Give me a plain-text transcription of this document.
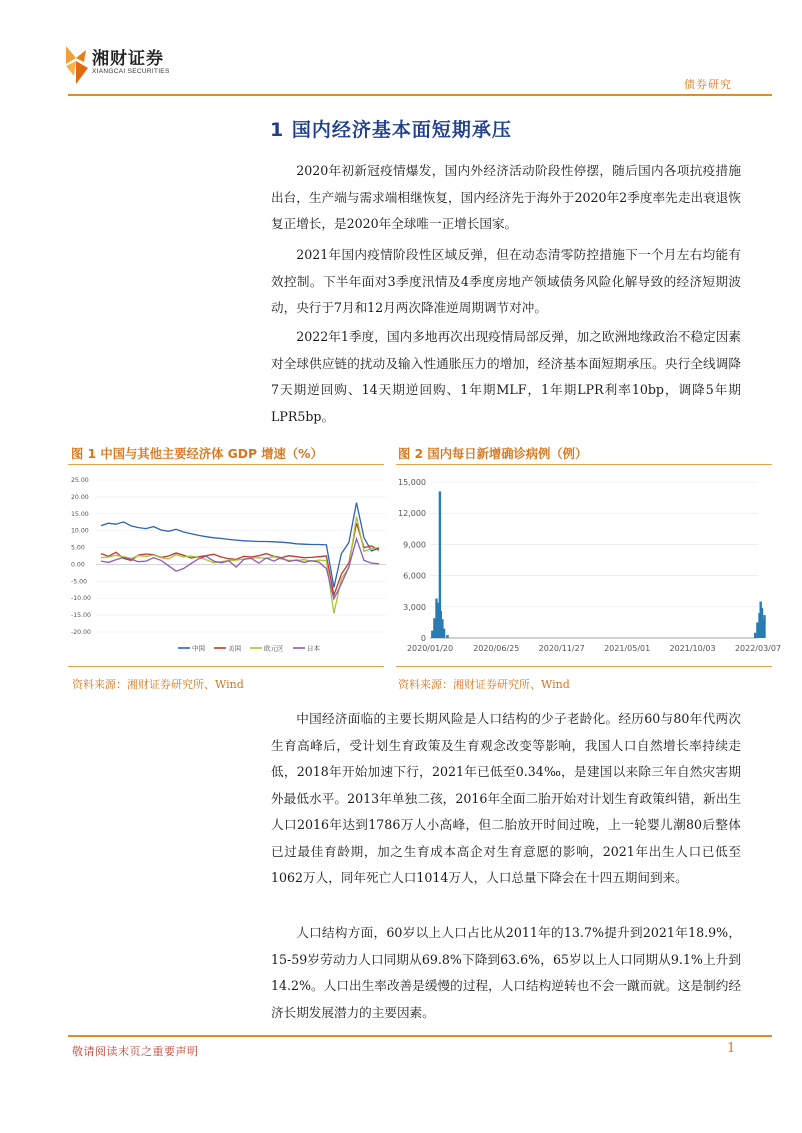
湘财证券
XIANGCAI SECURITIES
债券研究
1 国内经济基本面短期承压

2020年初新冠疫情爆发，国内外经济活动阶段性停摆，随后国内各项抗疫措施出台，生产端与需求端相继恢复，国内经济先于海外于2020年2季度率先走出衰退恢复正增长，是2020年全球唯一正增长国家。

2021年国内疫情阶段性区域反弹，但在动态清零防控措施下一个月左右均能有效控制。下半年面对3季度汛情及4季度房地产领域债务风险化解导致的经济短期波动，央行于7月和12月两次降准逆周期调节对冲。

2022年1季度，国内多地再次出现疫情局部反弹，加之欧洲地缘政治不稳定因素对全球供应链的扰动及输入性通胀压力的增加，经济基本面短期承压。央行全线调降7天期逆回购、14天期逆回购、1年期MLF，1年期LPR利率10bp，调降5年期LPR5bp。

图 1 中国与其他主要经济体 GDP 增速（%）
25.00
20.00
15.00
10.00
5.00
0.00
-5.00
-10.00
-15.00
-20.00
中国	美国	欧元区	日本
资料来源：湘财证券研究所、Wind
图 2 国内每日新增确诊病例（例）
15,000
12,000
9,000
6,000
3,000
0
2020/01/20	2020/06/25 2020/11/27 2021/05/01 2021/10/03 2022/03/07
资料来源：湘财证券研究所、Wind

中国经济面临的主要长期风险是人口结构的少子老龄化。经历60与80年代两次生育高峰后，受计划生育政策及生育观念改变等影响，我国人口自然增长率持续走低，2018年开始加速下行，2021年已低至0.34‰，是建国以来除三年自然灾害期外最低水平。2013年单独二孩，2016年全面二胎开始对计划生育政策纠错，新出生人口2016年达到1786万人小高峰，但二胎放开时间过晚，上一轮婴儿潮80后整体已过最佳育龄期，加之生育成本高企对生育意愿的影响，2021年出生人口已低至1062万人，同年死亡人口1014万人，人口总量下降会在十四五期间到来。

人口结构方面，60岁以上人口占比从2011年的13.7%提升到2021年18.9%，15-59岁劳动力人口同期从69.8%下降到63.6%，65岁以上人口同期从9.1%上升到14.2%。人口出生率改善是缓慢的过程，人口结构逆转也不会一蹴而就。这是制约经济长期发展潜力的主要因素。

敬请阅读末页之重要声明	1
